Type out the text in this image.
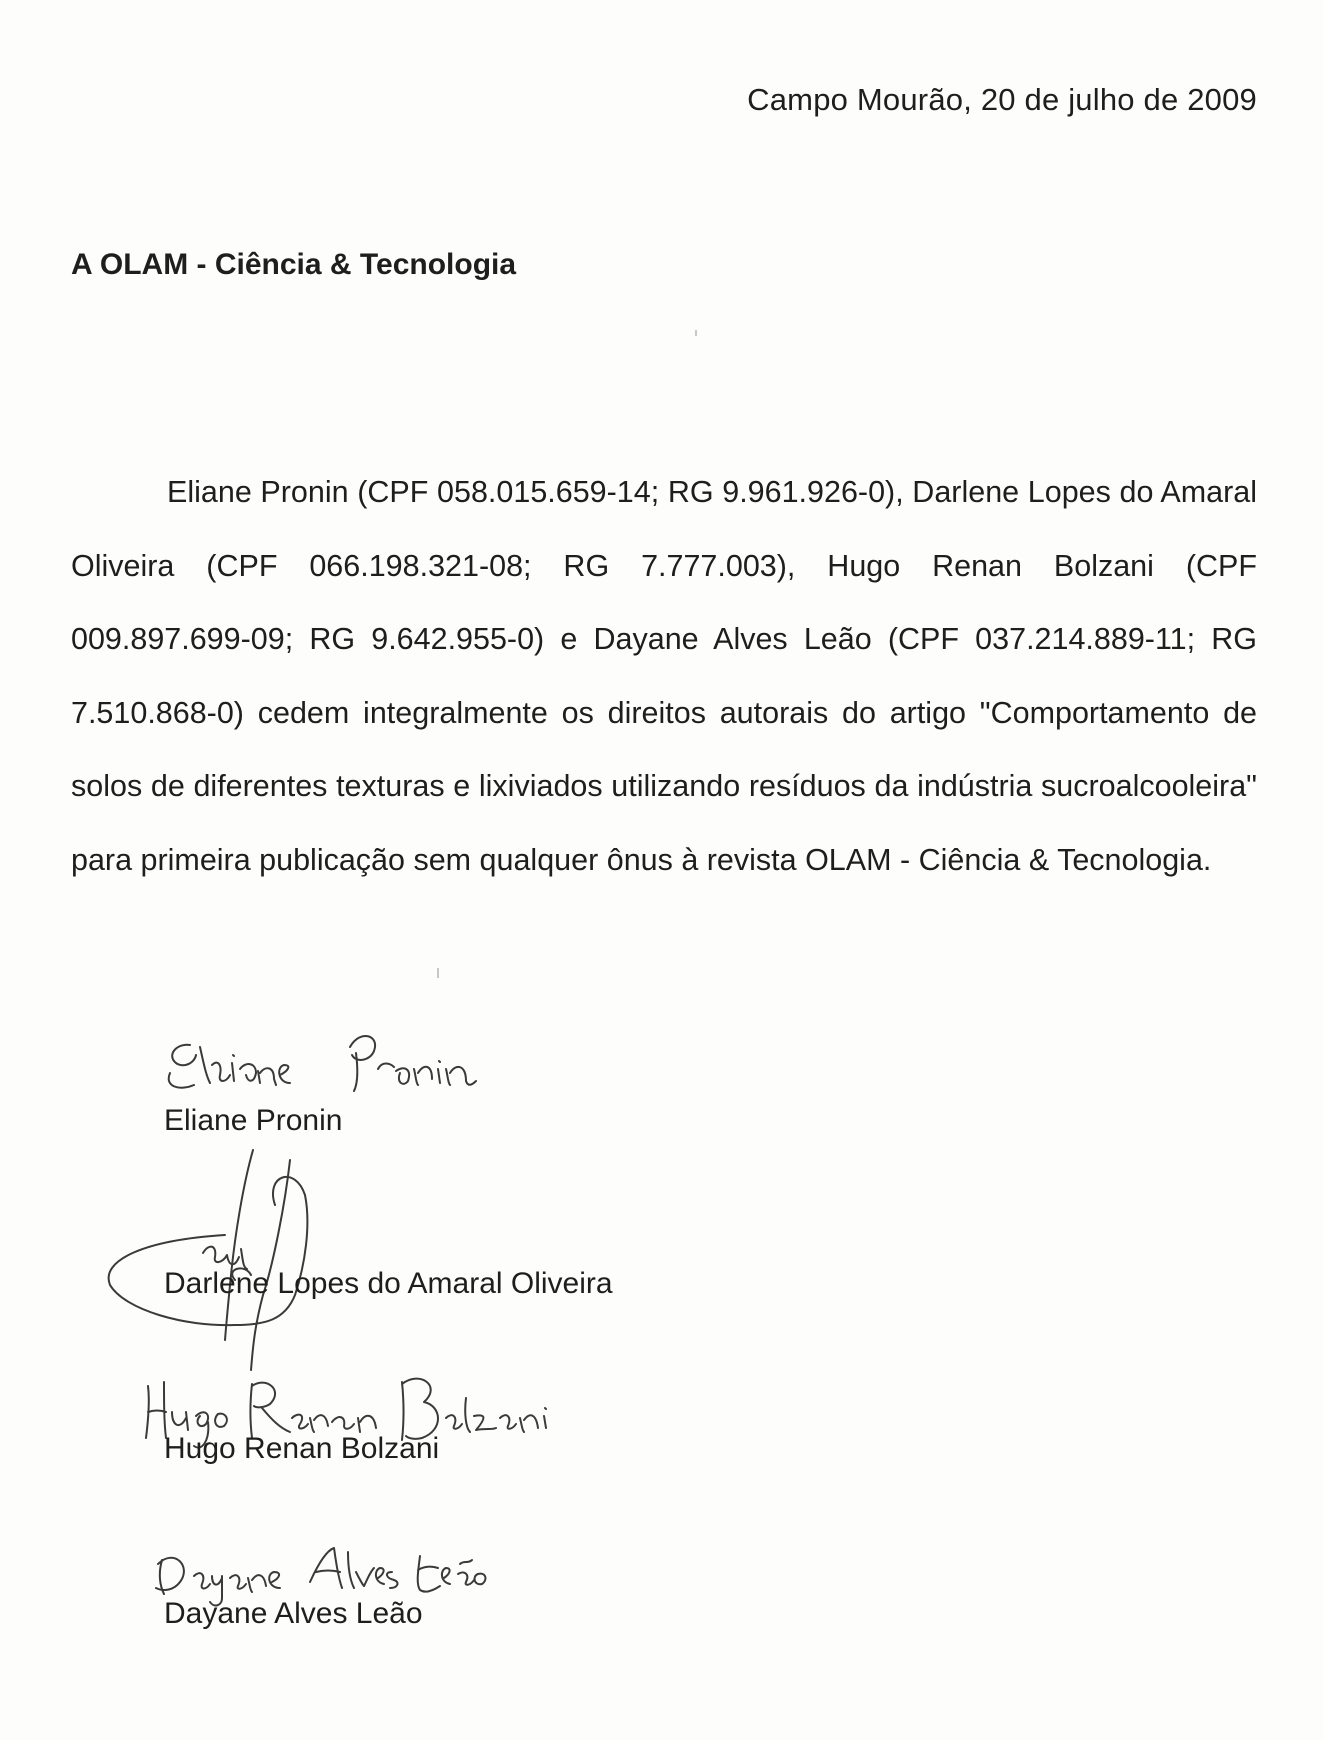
Campo Mourão, 20 de julho de 2009
A OLAM - Ciência & Tecnologia

Eliane Pronin (CPF 058.015.659-14; RG 9.961.926-0), Darlene Lopes do Amaral Oliveira (CPF 066.198.321-08; RG 7.777.003), Hugo Renan Bolzani (CPF 009.897.699-09; RG 9.642.955-0) e Dayane Alves Leão (CPF 037.214.889-11; RG 7.510.868-0) cedem integralmente os direitos autorais do artigo "Comportamento de solos de diferentes texturas e lixiviados utilizando resíduos da indústria sucroalcooleira" para primeira publicação sem qualquer ônus à revista OLAM - Ciência & Tecnologia.

Eliane Pronin
Darlene Lopes do Amaral Oliveira
Hugo Renan Bolzani
Dayane Alves Leão
